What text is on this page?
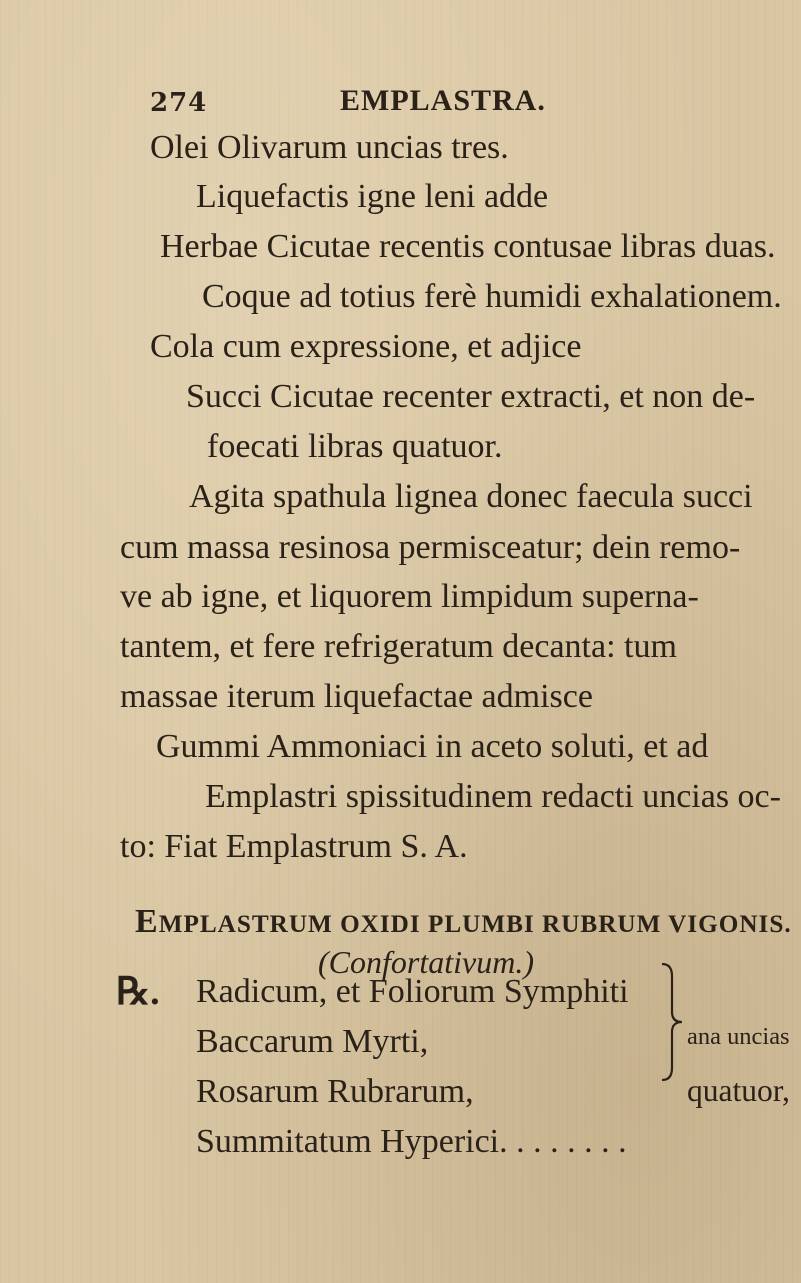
274	EMPLASTRA.
Olei Olivarum uncias tres.
Liquefactis igne leni adde
Herbae Cicutae recentis contusae libras duas.
Coque ad totius ferè humidi exhalationem.
Cola cum expressione, et adjice
Succi Cicutae recenter extracti, et non de-
foecati libras quatuor.
Agita spathula lignea donec faecula succi
cum massa resinosa permisceatur; dein remo-
ve ab igne, et liquorem limpidum superna-
tantem, et fere refrigeratum decanta: tum
massae iterum liquefactae admisce
Gummi Ammoniaci in aceto soluti, et ad
Emplastri spissitudinem redacti uncias oc-
to: Fiat Emplastrum S. A.
EMPLASTRUM OXIDI PLUMBI RUBRUM VIGONIS.
(Confortativum.)
℞. Radicum, et Foliorum Symphiti
Baccarum Myrti,
Rosarum Rubrarum,
Summitatum Hyperici. . . . . . . .
ana uncias
quatuor,
